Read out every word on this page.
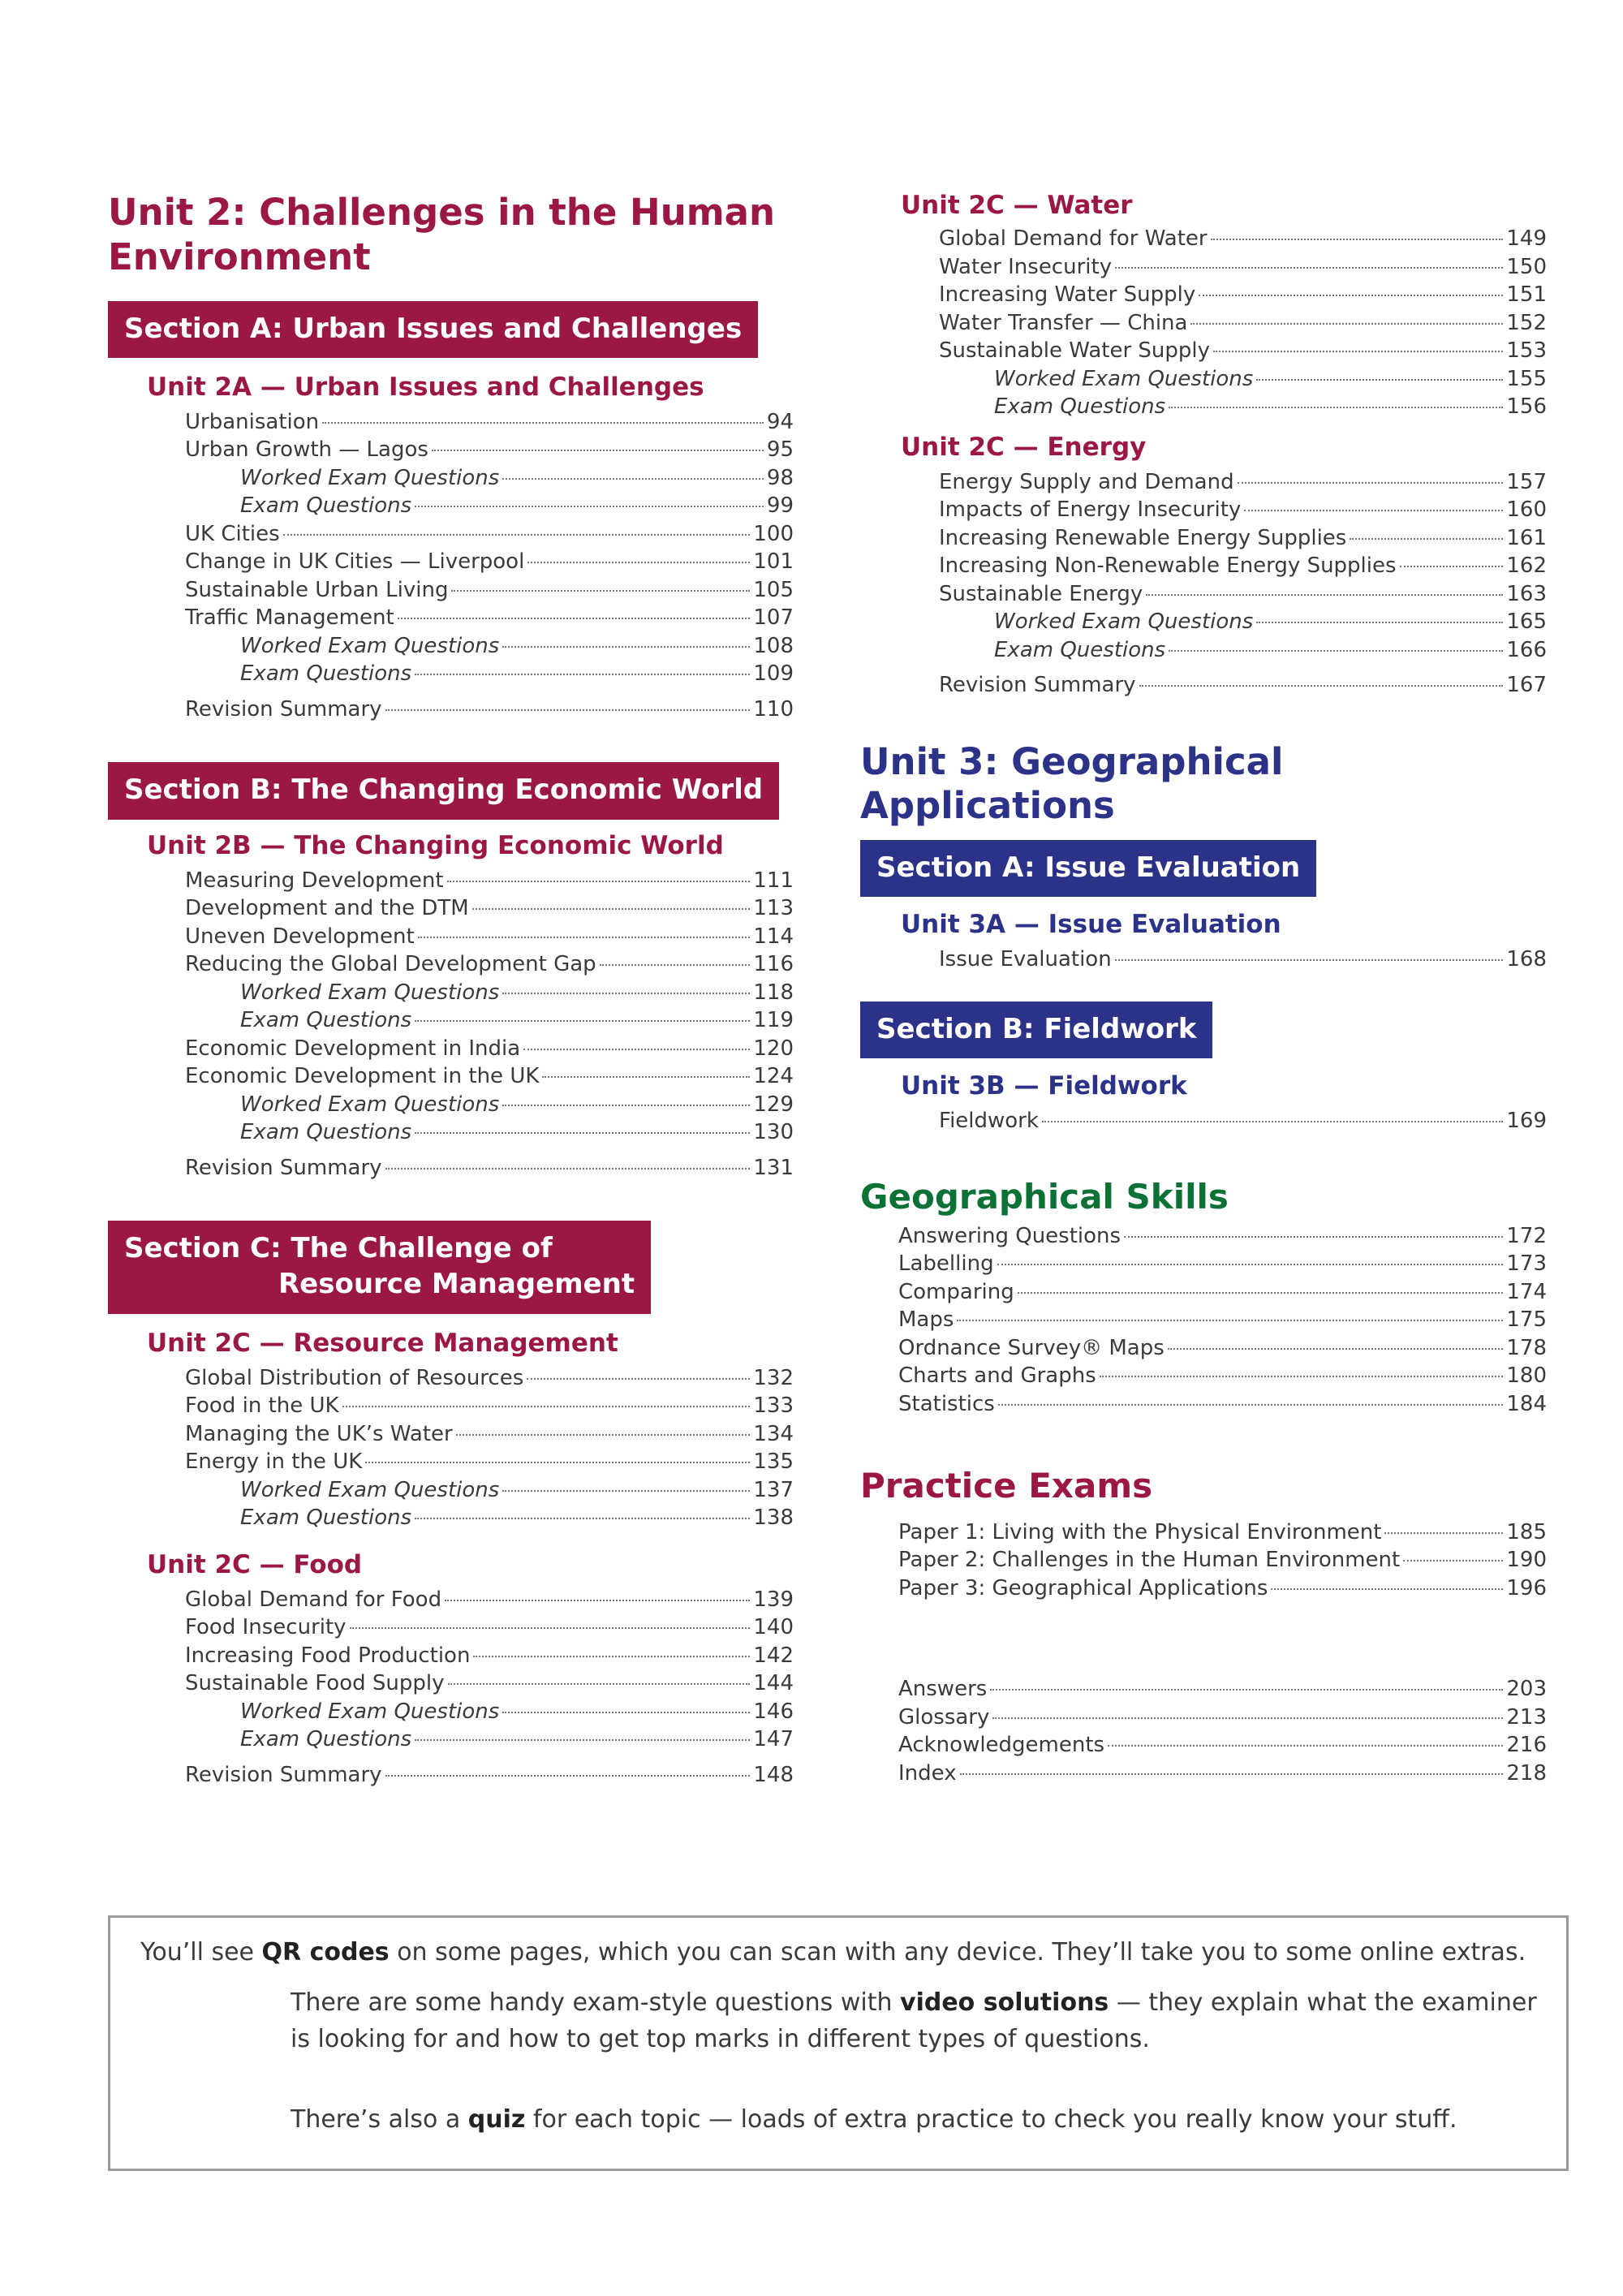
Unit 2: Challenges in the Human
Environment
Section A: Urban Issues and Challenges
Unit 2A — Urban Issues and Challenges
Urbanisation	94
Urban Growth — Lagos	95
Worked Exam Questions	98
Exam Questions	99
UK Cities	100
Change in UK Cities — Liverpool	101
Sustainable Urban Living	105
Traffic Management	107
Worked Exam Questions	108
Exam Questions	109
Revision Summary	110
Section B: The Changing Economic World
Unit 2B — The Changing Economic World
Measuring Development	111
Development and the DTM	113
Uneven Development	114
Reducing the Global Development Gap	116
Worked Exam Questions	118
Exam Questions	119
Economic Development in India	120
Economic Development in the UK	124
Worked Exam Questions	129
Exam Questions	130
Revision Summary	131
Section C: The Challenge of
Resource Management
Unit 2C — Resource Management
Global Distribution of Resources	132
Food in the UK	133
Managing the UK’s Water	134
Energy in the UK	135
Worked Exam Questions	137
Exam Questions	138
Unit 2C — Food
Global Demand for Food	139
Food Insecurity	140
Increasing Food Production	142
Sustainable Food Supply	144
Worked Exam Questions	146
Exam Questions	147
Revision Summary	148
Unit 2C — Water
Global Demand for Water	149
Water Insecurity	150
Increasing Water Supply	151
Water Transfer — China	152
Sustainable Water Supply	153
Worked Exam Questions	155
Exam Questions	156
Unit 2C — Energy
Energy Supply and Demand	157
Impacts of Energy Insecurity	160
Increasing Renewable Energy Supplies	161
Increasing Non-Renewable Energy Supplies	162
Sustainable Energy	163
Worked Exam Questions	165
Exam Questions	166
Revision Summary	167
Unit 3: Geographical Applications
Section A: Issue Evaluation
Unit 3A — Issue Evaluation
Issue Evaluation	168
Section B: Fieldwork
Unit 3B — Fieldwork
Fieldwork	169
Geographical Skills
Answering Questions	172
Labelling	173
Comparing	174
Maps	175
Ordnance Survey® Maps	178
Charts and Graphs	180
Statistics	184
Practice Exams
Paper 1: Living with the Physical Environment	185
Paper 2: Challenges in the Human Environment	190
Paper 3: Geographical Applications	196
Answers	203
Glossary	213
Acknowledgements	216
Index	218

You’ll see QR codes on some pages, which you can scan with any device. They’ll take you to some online extras.

There are some handy exam-style questions with video solutions — they explain what the examiner
is looking for and how to get top marks in different types of questions.

There’s also a quiz for each topic — loads of extra practice to check you really know your stuff.
